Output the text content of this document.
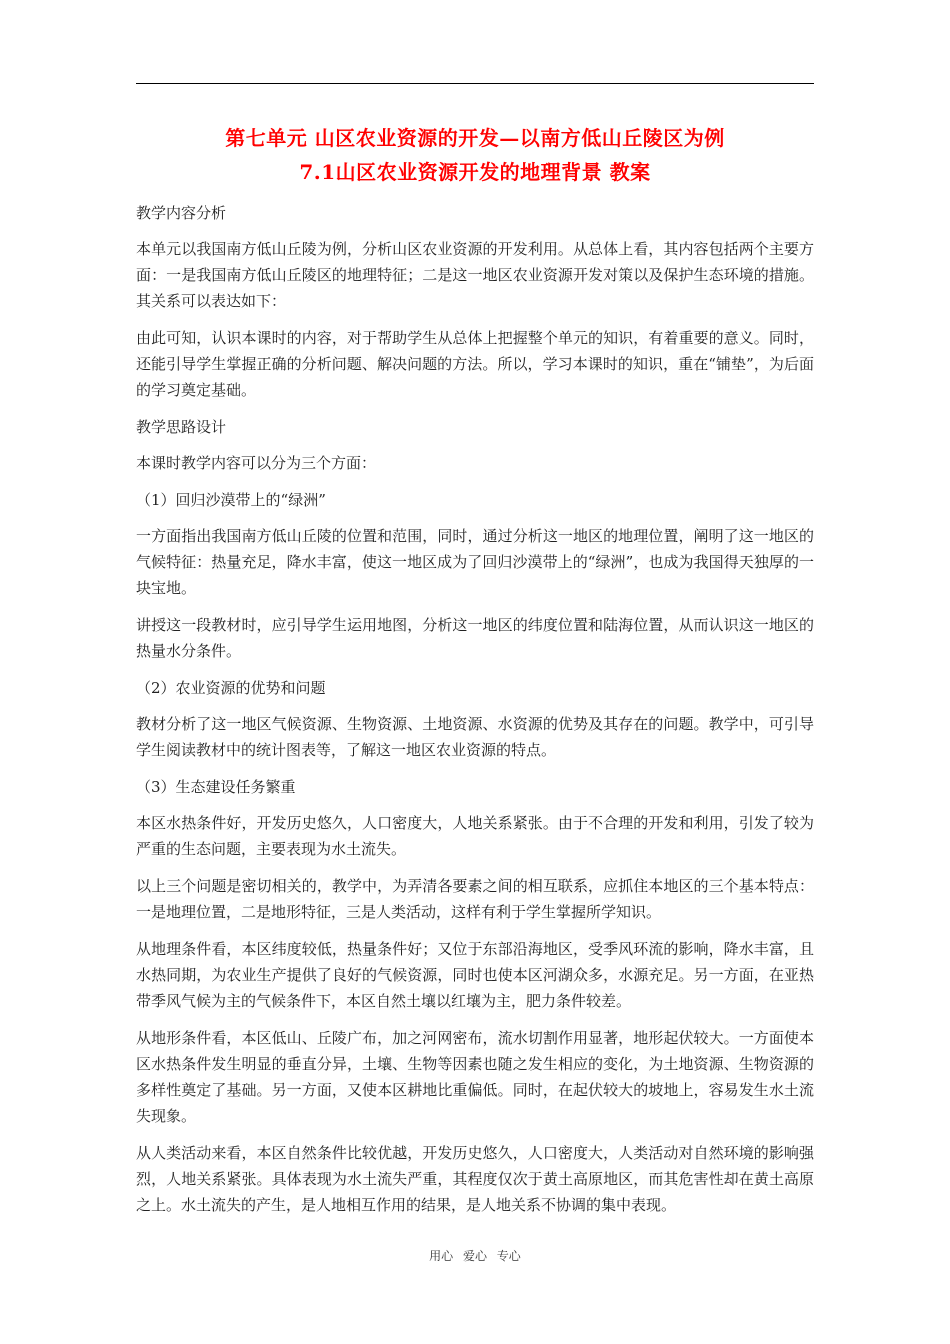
第七单元 山区农业资源的开发—以南方低山丘陵区为例
7.1山区农业资源开发的地理背景 教案

教学内容分析

本单元以我国南方低山丘陵为例，分析山区农业资源的开发利用。从总体上看，其内容包括两个主要方面：一是我国南方低山丘陵区的地理特征；二是这一地区农业资源开发对策以及保护生态环境的措施。其关系可以表达如下：

由此可知，认识本课时的内容，对于帮助学生从总体上把握整个单元的知识，有着重要的意义。同时，还能引导学生掌握正确的分析问题、解决问题的方法。所以，学习本课时的知识，重在“铺垫”，为后面的学习奠定基础。

教学思路设计

本课时教学内容可以分为三个方面：

（1）回归沙漠带上的“绿洲”

一方面指出我国南方低山丘陵的位置和范围，同时，通过分析这一地区的地理位置，阐明了这一地区的气候特征：热量充足，降水丰富，使这一地区成为了回归沙漠带上的“绿洲”，也成为我国得天独厚的一块宝地。

讲授这一段教材时，应引导学生运用地图，分析这一地区的纬度位置和陆海位置，从而认识这一地区的热量水分条件。

（2）农业资源的优势和问题

教材分析了这一地区气候资源、生物资源、土地资源、水资源的优势及其存在的问题。教学中，可引导学生阅读教材中的统计图表等，了解这一地区农业资源的特点。

（3）生态建设任务繁重

本区水热条件好，开发历史悠久，人口密度大，人地关系紧张。由于不合理的开发和利用，引发了较为严重的生态问题，主要表现为水土流失。

以上三个问题是密切相关的，教学中，为弄清各要素之间的相互联系，应抓住本地区的三个基本特点：一是地理位置，二是地形特征，三是人类活动，这样有利于学生掌握所学知识。

从地理条件看，本区纬度较低，热量条件好；又位于东部沿海地区，受季风环流的影响，降水丰富，且水热同期，为农业生产提供了良好的气候资源，同时也使本区河湖众多，水源充足。另一方面，在亚热带季风气候为主的气候条件下，本区自然土壤以红壤为主，肥力条件较差。

从地形条件看，本区低山、丘陵广布，加之河网密布，流水切割作用显著，地形起伏较大。一方面使本区水热条件发生明显的垂直分异，土壤、生物等因素也随之发生相应的变化，为土地资源、生物资源的多样性奠定了基础。另一方面，又使本区耕地比重偏低。同时，在起伏较大的坡地上，容易发生水土流失现象。

从人类活动来看，本区自然条件比较优越，开发历史悠久，人口密度大，人类活动对自然环境的影响强烈，人地关系紧张。具体表现为水土流失严重，其程度仅次于黄土高原地区，而其危害性却在黄土高原之上。水土流失的产生，是人地相互作用的结果，是人地关系不协调的集中表现。

用心 爱心 专心
